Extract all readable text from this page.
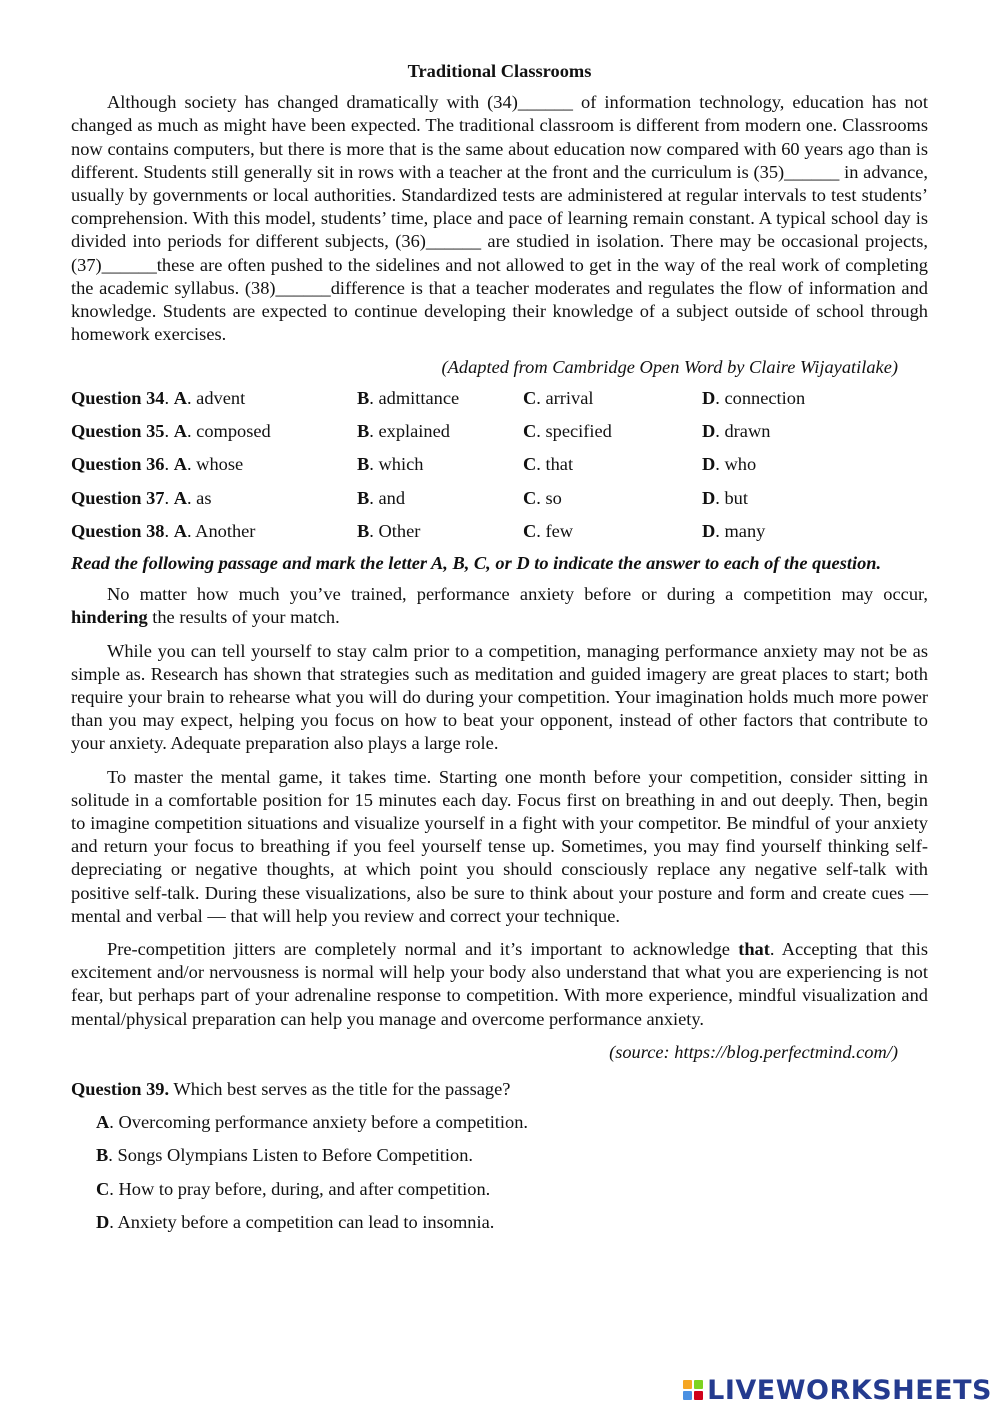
Traditional Classrooms

Although society has changed dramatically with (34)______ of information technology, education has not changed as much as might have been expected. The traditional classroom is different from modern one. Classrooms now contains computers, but there is more that is the same about education now compared with 60 years ago than is different. Students still generally sit in rows with a teacher at the front and the curriculum is (35)______ in advance, usually by governments or local authorities. Standardized tests are administered at regular intervals to test students’ comprehension. With this model, students’ time, place and pace of learning remain constant. A typical school day is divided into periods for different subjects, (36)______ are studied in isolation. There may be occasional projects, (37)______these are often pushed to the sidelines and not allowed to get in the way of the real work of completing the academic syllabus. (38)______difference is that a teacher moderates and regulates the flow of information and knowledge. Students are expected to continue developing their knowledge of a subject outside of school through homework exercises.

(Adapted from Cambridge Open Word by Claire Wijayatilake)
Question 34. A. advent	B. admittance	C. arrival	D. connection
Question 35. A. composed	B. explained	C. specified	D. drawn
Question 36. A. whose	B. which	C. that	D. who
Question 37. A. as	B. and	C. so	D. but
Question 38. A. Another	B. Other	C. few	D. many
Read the following passage and mark the letter A, B, C, or D to indicate the answer to each of the question.

No matter how much you’ve trained, performance anxiety before or during a competition may occur, hindering the results of your match.

While you can tell yourself to stay calm prior to a competition, managing performance anxiety may not be as simple as. Research has shown that strategies such as meditation and guided imagery are great places to start; both require your brain to rehearse what you will do during your competition. Your imagination holds much more power than you may expect, helping you focus on how to beat your opponent, instead of other factors that contribute to your anxiety. Adequate preparation also plays a large role.

To master the mental game, it takes time. Starting one month before your competition, consider sitting in solitude in a comfortable position for 15 minutes each day. Focus first on breathing in and out deeply. Then, begin to imagine competition situations and visualize yourself in a fight with your competitor. Be mindful of your anxiety and return your focus to breathing if you feel yourself tense up. Sometimes, you may find yourself thinking self-depreciating or negative thoughts, at which point you should consciously replace any negative self-talk with positive self-talk. During these visualizations, also be sure to think about your posture and form and create cues — mental and verbal — that will help you review and correct your technique.

Pre-competition jitters are completely normal and it’s important to acknowledge that. Accepting that this excitement and/or nervousness is normal will help your body also understand that what you are experiencing is not fear, but perhaps part of your adrenaline response to competition. With more experience, mindful visualization and mental/physical preparation can help you manage and overcome performance anxiety.

(source: https://blog.perfectmind.com/)
Question 39. Which best serves as the title for the passage?
A. Overcoming performance anxiety before a competition.
B. Songs Olympians Listen to Before Competition.
C. How to pray before, during, and after competition.
D. Anxiety before a competition can lead to insomnia.
LIVEWORKSHEETS
